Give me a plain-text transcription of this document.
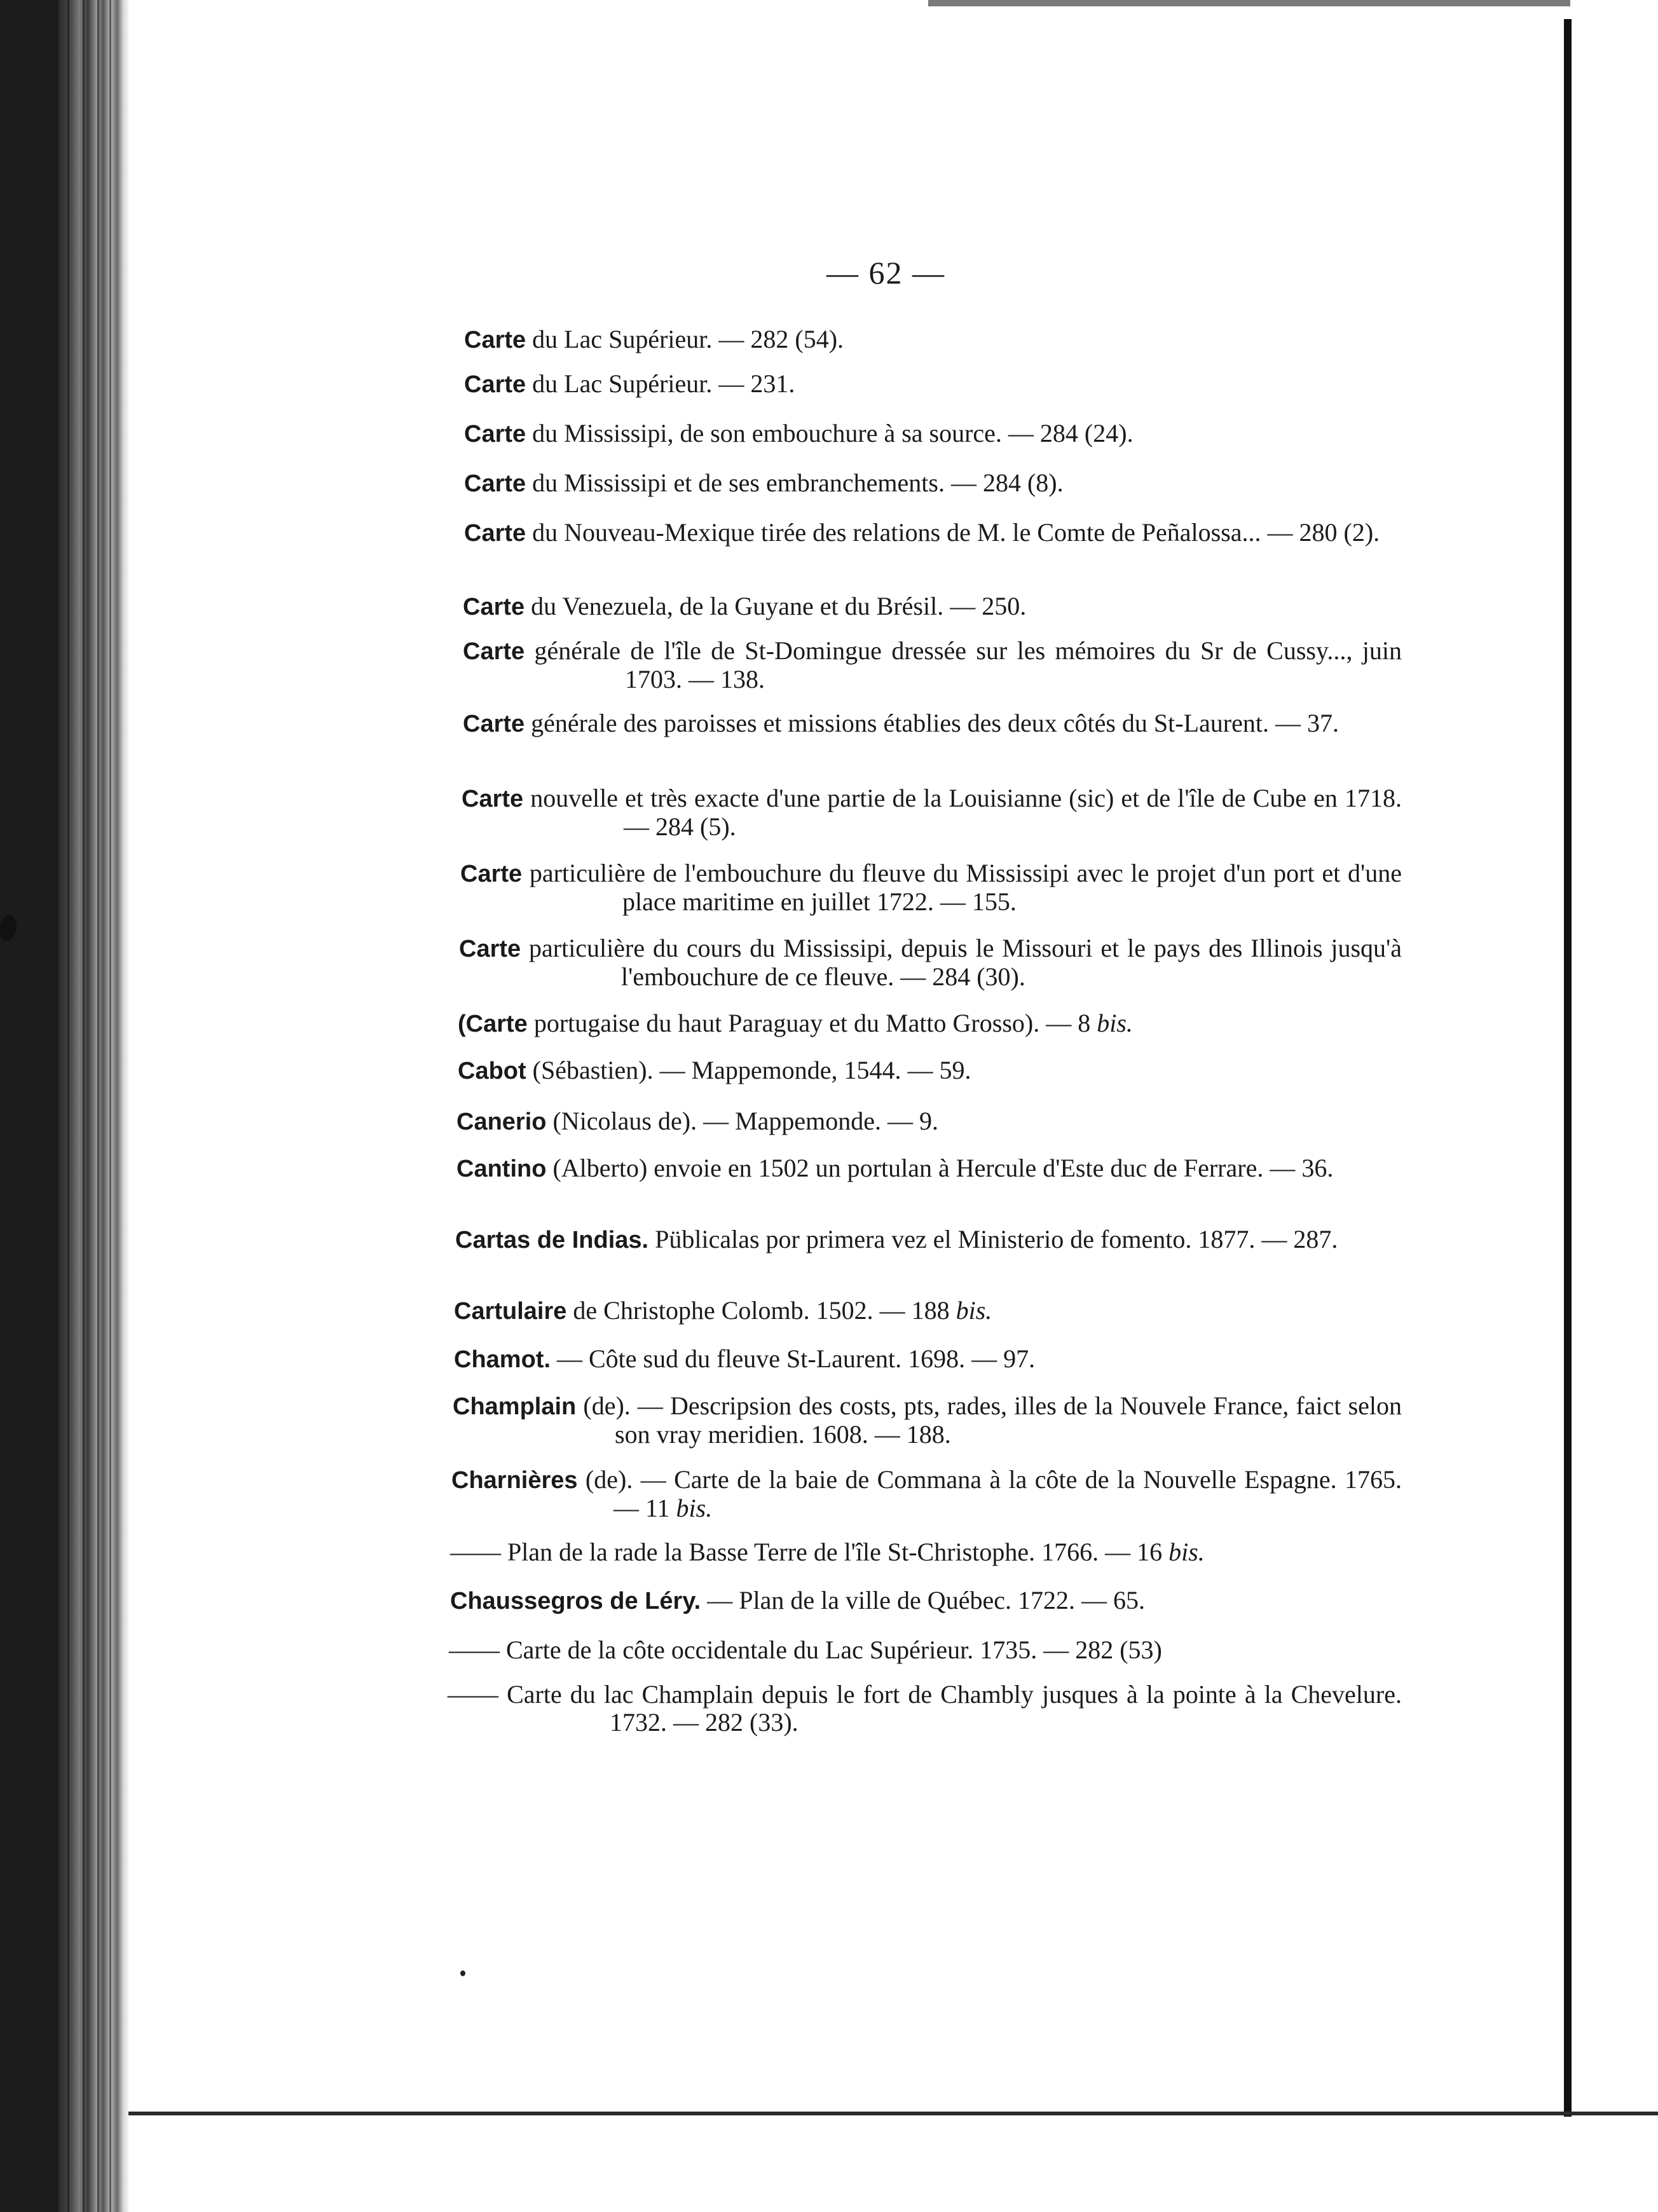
— 62 —

Carte du Lac Supérieur. — 282 (54).

Carte du Lac Supérieur. — 231.

Carte du Mississipi, de son embouchure à sa source. — 284 (24).

Carte du Mississipi et de ses embranchements. — 284 (8).

Carte du Nouveau-Mexique tirée des relations de M. le Comte de Peñalossa... — 280 (2).

Carte du Venezuela, de la Guyane et du Brésil. — 250.

Carte générale de l'île de St-Domingue dressée sur les mémoires du Sr de Cussy..., juin 1703. — 138.

Carte générale des paroisses et missions établies des deux côtés du St-Laurent. — 37.

Carte nouvelle et très exacte d'une partie de la Louisianne (sic) et de l'île de Cube en 1718. — 284 (5).

Carte particulière de l'embouchure du fleuve du Mississipi avec le projet d'un port et d'une place maritime en juillet 1722. — 155.

Carte particulière du cours du Mississipi, depuis le Missouri et le pays des Illinois jusqu'à l'embouchure de ce fleuve. — 284 (30).

(Carte portugaise du haut Paraguay et du Matto Grosso). — 8 bis.

Cabot (Sébastien). — Mappemonde, 1544. — 59.

Canerio (Nicolaus de). — Mappemonde. — 9.

Cantino (Alberto) envoie en 1502 un portulan à Hercule d'Este duc de Ferrare. — 36.

Cartas de Indias. Püblicalas por primera vez el Ministerio de fomento. 1877. — 287.

Cartulaire de Christophe Colomb. 1502. — 188 bis.

Chamot. — Côte sud du fleuve St-Laurent. 1698. — 97.

Champlain (de). — Descripsion des costs, pts, rades, illes de la Nouvele France, faict selon son vray meridien. 1608. — 188.

Charnières (de). — Carte de la baie de Commana à la côte de la Nouvelle Espagne. 1765. — 11 bis.

—— Plan de la rade la Basse Terre de l'île St-Christophe. 1766. — 16 bis.

Chaussegros de Léry. — Plan de la ville de Québec. 1722. — 65.

—— Carte de la côte occidentale du Lac Supérieur. 1735. — 282 (53)

—— Carte du lac Champlain depuis le fort de Chambly jusques à la pointe à la Chevelure. 1732. — 282 (33).
